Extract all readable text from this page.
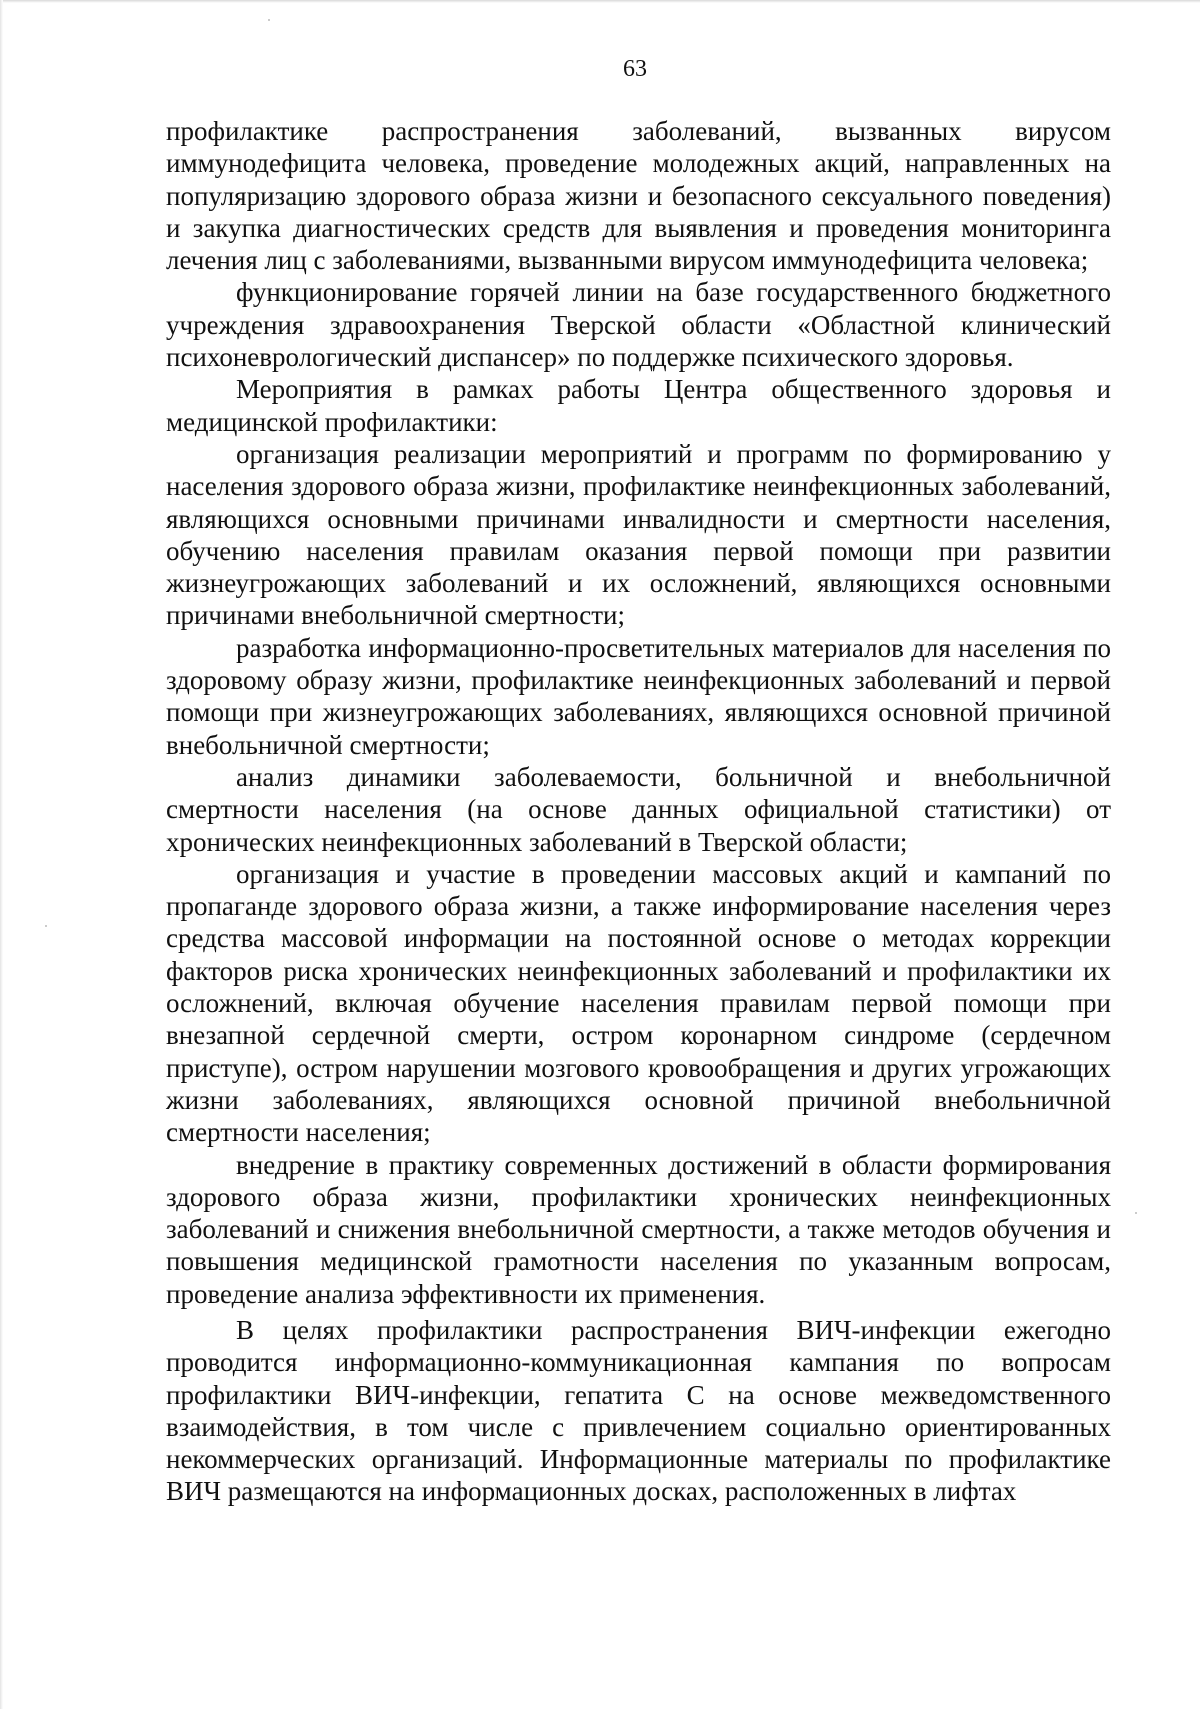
63

профилактике распространения заболеваний, вызванных вирусом иммунодефицита человека, проведение молодежных акций, направленных на популяризацию здорового образа жизни и безопасного сексуального поведения) и закупка диагностических средств для выявления и проведения мониторинга лечения лиц с заболеваниями, вызванными вирусом иммунодефицита человека;

функционирование горячей линии на базе государственного бюджетного учреждения здравоохранения Тверской области «Областной клинический психоневрологический диспансер» по поддержке психического здоровья.

Мероприятия в рамках работы Центра общественного здоровья и медицинской профилактики:

организация реализации мероприятий и программ по формированию у населения здорового образа жизни, профилактике неинфекционных заболеваний, являющихся основными причинами инвалидности и смертности населения, обучению населения правилам оказания первой помощи при развитии жизнеугрожающих заболеваний и их осложнений, являющихся основными причинами внебольничной смертности;

разработка информационно-просветительных материалов для населения по здоровому образу жизни, профилактике неинфекционных заболеваний и первой помощи при жизнеугрожающих заболеваниях, являющихся основной причиной внебольничной смертности;

анализ динамики заболеваемости, больничной и внебольничной смертности населения (на основе данных официальной статистики) от хронических неинфекционных заболеваний в Тверской области;

организация и участие в проведении массовых акций и кампаний по пропаганде здорового образа жизни, а также информирование населения через средства массовой информации на постоянной основе о методах коррекции факторов риска хронических неинфекционных заболеваний и профилактики их осложнений, включая обучение населения правилам первой помощи при внезапной сердечной смерти, остром коронарном синдроме (сердечном приступе), остром нарушении мозгового кровообращения и других угрожающих жизни заболеваниях, являющихся основной причиной внебольничной смертности населения;

внедрение в практику современных достижений в области формирования здорового образа жизни, профилактики хронических неинфекционных заболеваний и снижения внебольничной смертности, а также методов обучения и повышения медицинской грамотности населения по указанным вопросам, проведение анализа эффективности их применения.

В целях профилактики распространения ВИЧ-инфекции ежегодно проводится информационно-коммуникационная кампания по вопросам профилактики ВИЧ-инфекции, гепатита С на основе межведомственного взаимодействия, в том числе с привлечением социально ориентированных некоммерческих организаций. Информационные материалы по профилактике ВИЧ размещаются на информационных досках, расположенных в лифтах
